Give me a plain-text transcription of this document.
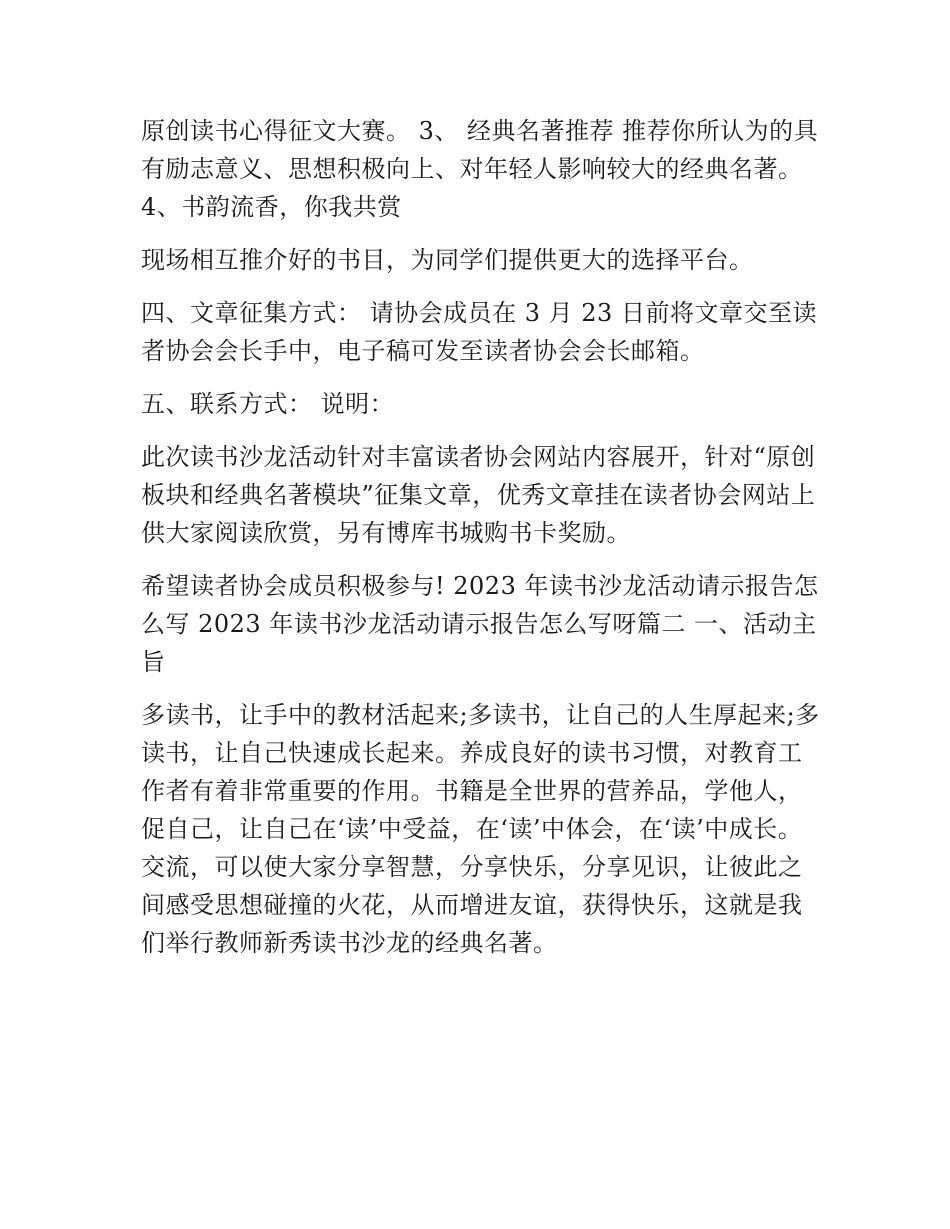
原创读书心得征文大赛。 3、 经典名著推荐 推荐你所认为的具有励志意义、思想积极向上、对年轻人影响较大的经典名著。 4、书韵流香，你我共赏

现场相互推介好的书目，为同学们提供更大的选择平台。

四、文章征集方式： 请协会成员在 3 月 23 日前将文章交至读者协会会长手中，电子稿可发至读者协会会长邮箱。

五、联系方式： 说明：

此次读书沙龙活动针对丰富读者协会网站内容展开，针对“原创板块和经典名著模块”征集文章，优秀文章挂在读者协会网站上供大家阅读欣赏，另有博库书城购书卡奖励。

希望读者协会成员积极参与! 2023 年读书沙龙活动请示报告怎么写 2023 年读书沙龙活动请示报告怎么写呀篇二 一、活动主旨

多读书，让手中的教材活起来;多读书，让自己的人生厚起来;多读书，让自己快速成长起来。养成良好的读书习惯，对教育工作者有着非常重要的作用。书籍是全世界的营养品，学他人，促自己，让自己在‘读’中受益，在‘读’中体会，在‘读’中成长。交流，可以使大家分享智慧，分享快乐，分享见识，让彼此之间感受思想碰撞的火花，从而增进友谊，获得快乐，这就是我们举行教师新秀读书沙龙的经典名著。
